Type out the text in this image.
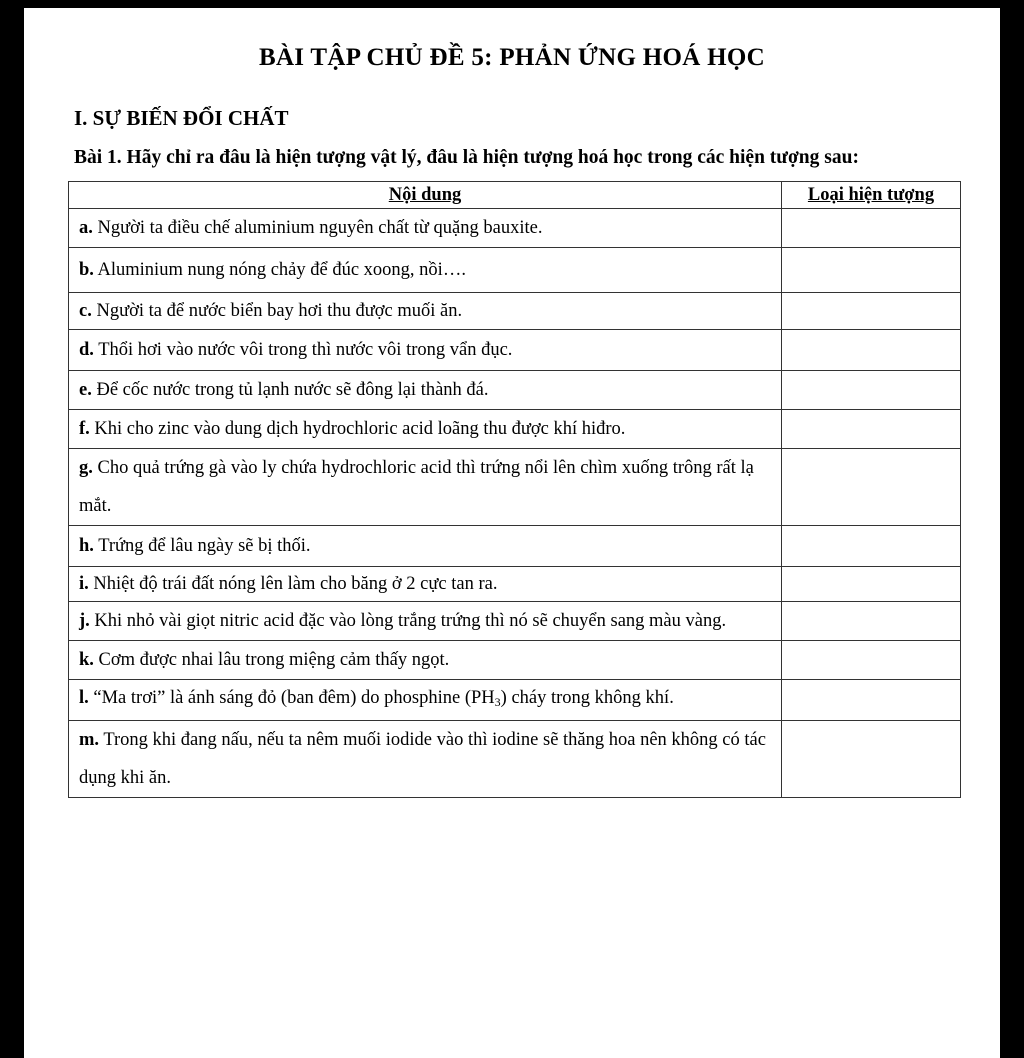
BÀI TẬP CHỦ ĐỀ 5: PHẢN ỨNG HOÁ HỌC
I. SỰ BIẾN ĐỔI CHẤT
Bài 1. Hãy chỉ ra đâu là hiện tượng vật lý, đâu là hiện tượng hoá học trong các hiện tượng sau:
Nội dung	Loại hiện tượng
a. Người ta điều chế aluminium nguyên chất từ quặng bauxite.	
b. Aluminium nung nóng chảy để đúc xoong, nồi….	
c. Người ta để nước biển bay hơi thu được muối ăn.	
d. Thổi hơi vào nước vôi trong thì nước vôi trong vẩn đục.	
e. Để cốc nước trong tủ lạnh nước sẽ đông lại thành đá.	
f. Khi cho zinc vào dung dịch hydrochloric acid loãng thu được khí hiđro.	
g. Cho quả trứng gà vào ly chứa hydrochloric acid thì trứng nổi lên chìm xuống trông rất lạ mắt.	
h. Trứng để lâu ngày sẽ bị thối.	
i. Nhiệt độ trái đất nóng lên làm cho băng ở 2 cực tan ra.	
j. Khi nhỏ vài giọt nitric acid đặc vào lòng trắng trứng thì nó sẽ chuyển sang màu vàng.	
k. Cơm được nhai lâu trong miệng cảm thấy ngọt.	
l. “Ma trơi” là ánh sáng đỏ (ban đêm) do phosphine $(PH_3)$ cháy trong không khí.	
m. Trong khi đang nấu, nếu ta nêm muối iodide vào thì iodine sẽ thăng hoa nên không có tác dụng khi ăn.	
